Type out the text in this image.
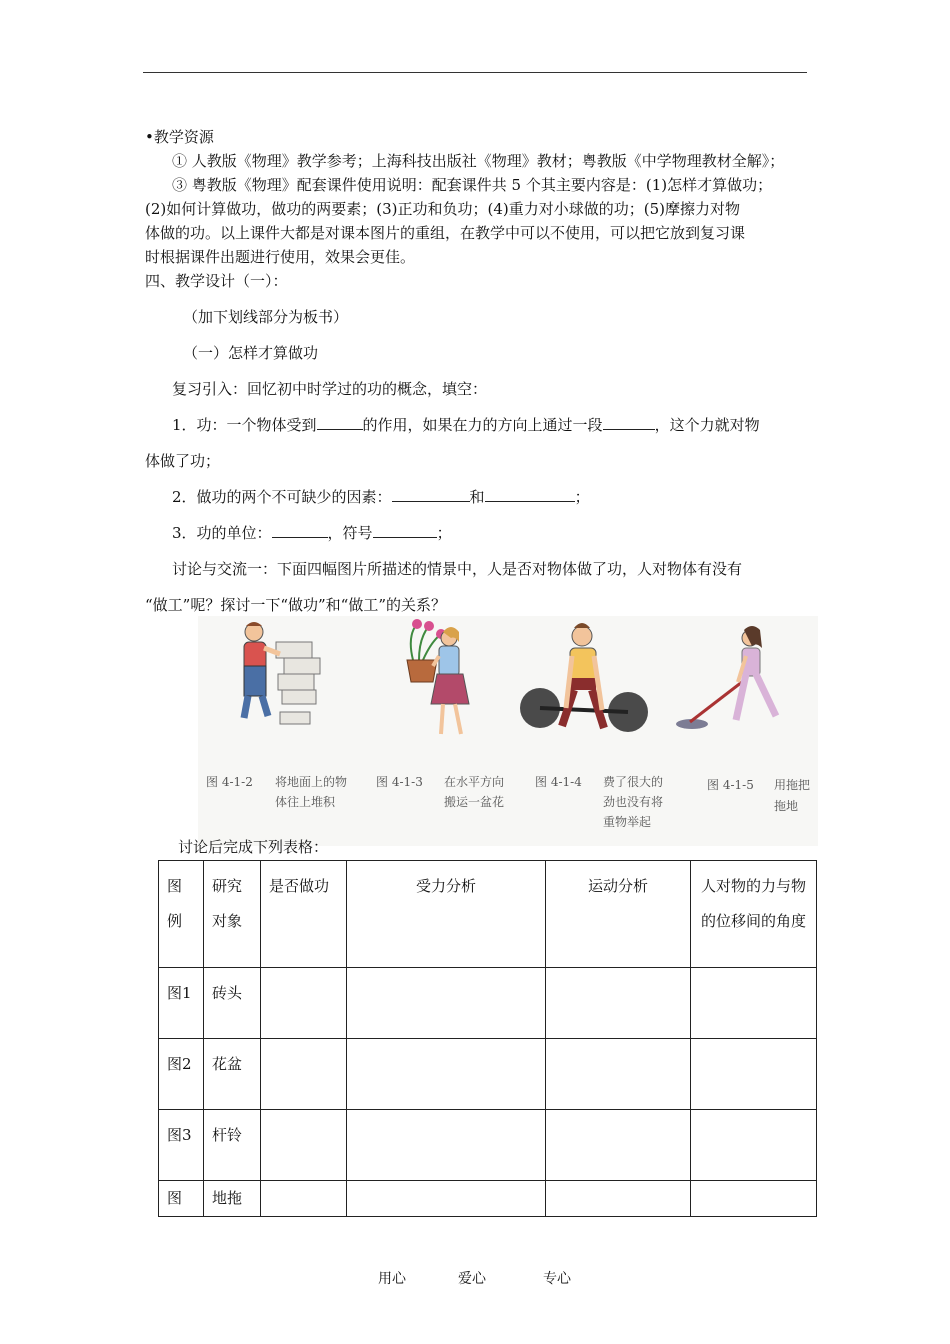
•教学资源
① 人教版《物理》教学参考；上海科技出版社《物理》教材；粤教版《中学物理教材全解》；
③ 粤教版《物理》配套课件使用说明：配套课件共 5 个其主要内容是：(1)怎样才算做功；
(2)如何计算做功，做功的两要素；(3)正功和负功；(4)重力对小球做的功；(5)摩擦力对物
体做的功。以上课件大都是对课本图片的重组，在教学中可以不使用，可以把它放到复习课
时根据课件出题进行使用，效果会更佳。
四、教学设计（一）：
（加下划线部分为板书）
（一）怎样才算做功
复习引入：回忆初中时学过的功的概念，填空：
1．功：一个物体受到	的作用，如果在力的方向上通过一段	，这个力就对物
体做了功；
2．做功的两个不可缺少的因素：	和	；
3．功的单位：	，符号	；
讨论与交流一：下面四幅图片所描述的情景中，人是否对物体做了功，人对物体有没有
“做工”呢？探讨一下“做功”和“做工”的关系？
图 4-1-2 将地面上的物
体往上堆积
图 4-1-3 在水平方向
搬运一盆花
图 4-1-4 费了很大的
劲也没有将
重物举起
图 4-1-5 用拖把
拖地
讨论后完成下列表格：
图例	研究对象	是否做功	受力分析	运动分析	人对物的力与物的位移间的角度
图1	砖头				
图2	花盆				
图3	杆铃				
图	地拖				
用心	爱心	专心
